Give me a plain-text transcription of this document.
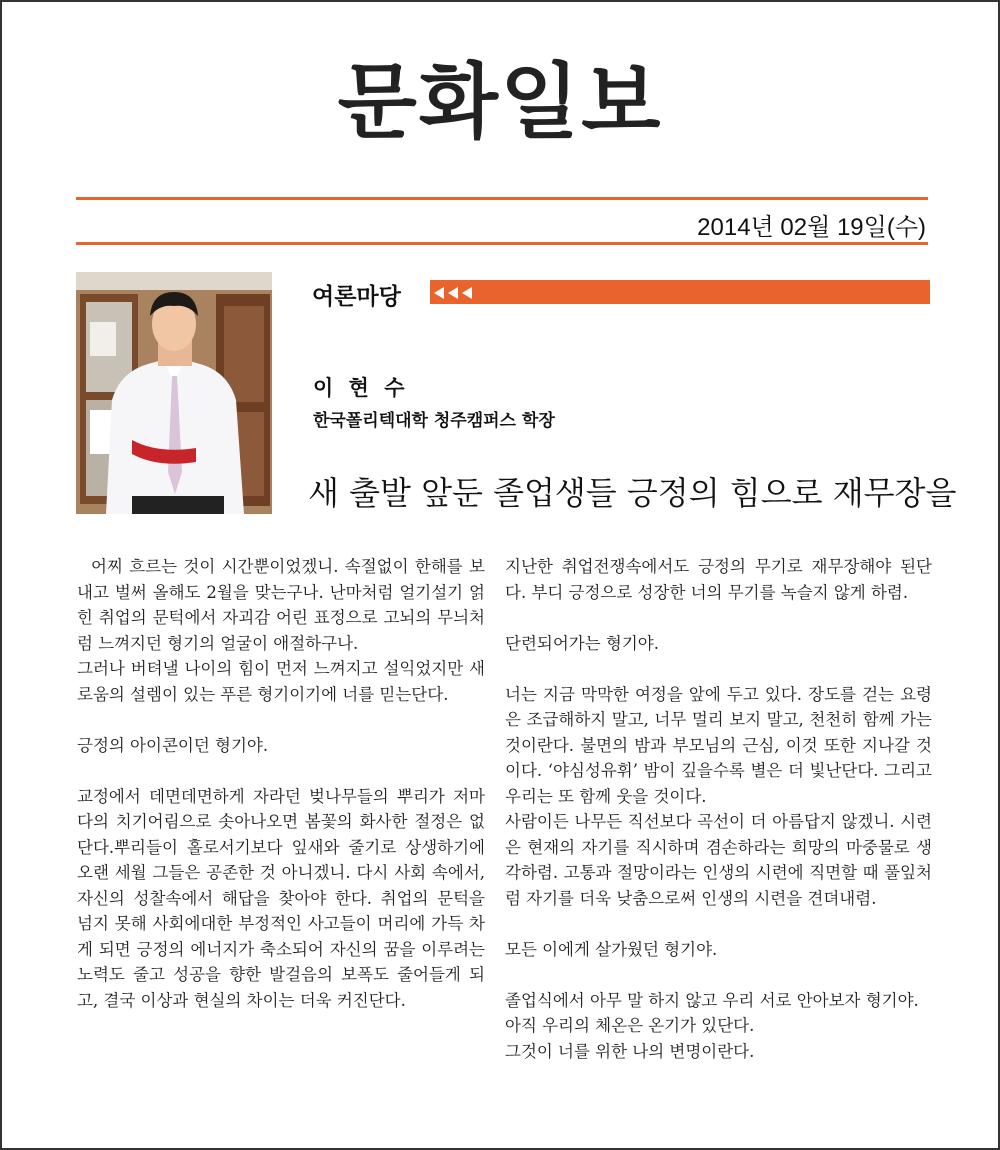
문화일보
2014년 02월 19일(수)
여론마당
이 현 수
한국폴리텍대학 청주캠퍼스 학장
새 출발 앞둔 졸업생들 긍정의 힘으로 재무장을

어찌 흐르는 것이 시간뿐이었겠니. 속절없이 한해를 보내고 벌써 올해도 2월을 맞는구나. 난마처럼 얼기설기 얽힌 취업의 문턱에서 자괴감 어린 표정으로 고뇌의 무늬처럼 느껴지던 형기의 얼굴이 애절하구나.

그러나 버텨낼 나이의 힘이 먼저 느껴지고 설익었지만 새로움의 설렘이 있는 푸른 형기이기에 너를 믿는단다.

긍정의 아이콘이던 형기야.

교정에서 데면데면하게 자라던 벚나무들의 뿌리가 저마다의 치기어림으로 솟아나오면 봄꽃의 화사한 절정은 없단다.뿌리들이 홀로서기보다 잎새와 줄기로 상생하기에 오랜 세월 그들은 공존한 것 아니겠니. 다시 사회 속에서, 자신의 성찰속에서 해답을 찾아야 한다. 취업의 문턱을 넘지 못해 사회에대한 부정적인 사고들이 머리에 가득 차게 되면 긍정의 에너지가 축소되어 자신의 꿈을 이루려는 노력도 줄고 성공을 향한 발걸음의 보폭도 줄어들게 되고, 결국 이상과 현실의 차이는 더욱 커진단다.

지난한 취업전쟁속에서도 긍정의 무기로 재무장해야 된단다. 부디 긍정으로 성장한 너의 무기를 녹슬지 않게 하렴.

단련되어가는 형기야.

너는 지금 막막한 여정을 앞에 두고 있다. 장도를 걷는 요령은 조급해하지 말고, 너무 멀리 보지 말고, 천천히 함께 가는 것이란다. 불면의 밤과 부모님의 근심, 이것 또한 지나갈 것이다. ‘야심성유휘’ 밤이 깊을수록 별은 더 빛난단다. 그리고 우리는 또 함께 웃을 것이다.

사람이든 나무든 직선보다 곡선이 더 아름답지 않겠니. 시련은 현재의 자기를 직시하며 겸손하라는 희망의 마중물로 생각하렴. 고통과 절망이라는 인생의 시련에 직면할 때 풀잎처럼 자기를 더욱 낮춤으로써 인생의 시련을 견뎌내렴.

모든 이에게 살가웠던 형기야.

졸업식에서 아무 말 하지 않고 우리 서로 안아보자 형기야.

아직 우리의 체온은 온기가 있단다.

그것이 너를 위한 나의 변명이란다.
